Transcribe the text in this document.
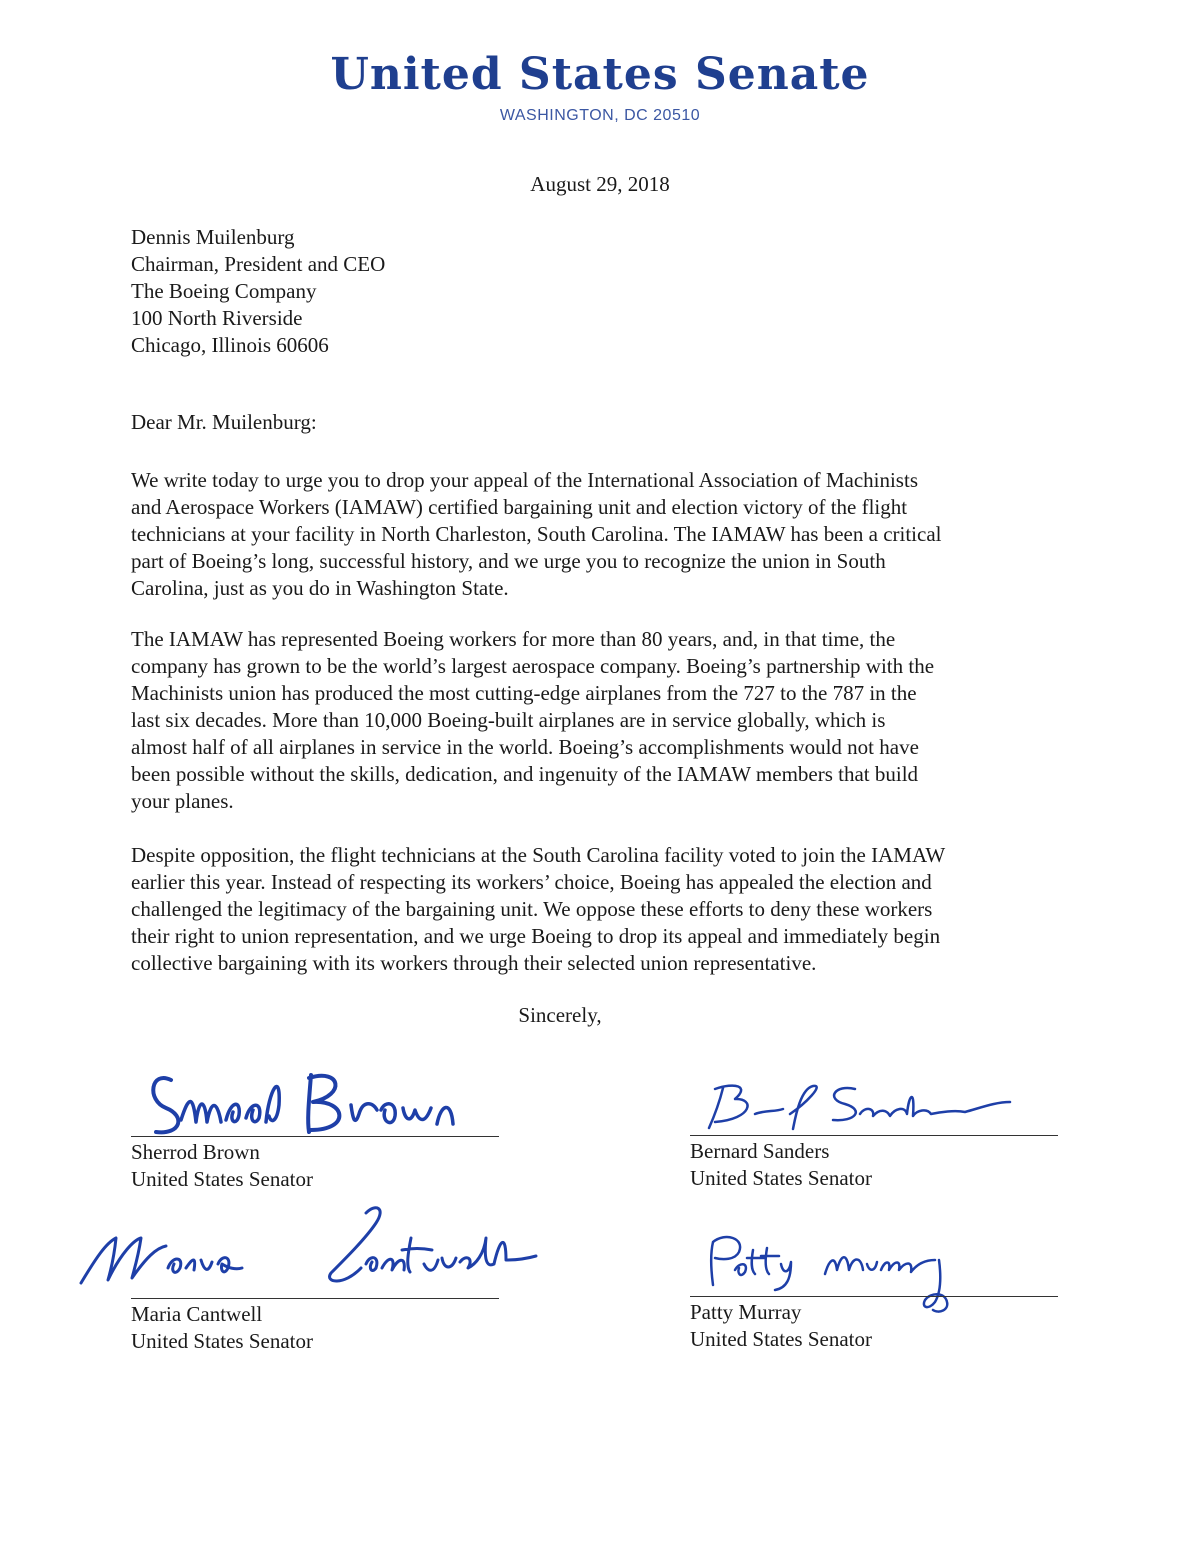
United States Senate

WASHINGTON, DC 20510

August 29, 2018

Dennis Muilenburg
Chairman, President and CEO
The Boeing Company
100 North Riverside
Chicago, Illinois 60606

Dear Mr. Muilenburg:

We write today to urge you to drop your appeal of the International Association of Machinists
and Aerospace Workers (IAMAW) certified bargaining unit and election victory of the flight
technicians at your facility in North Charleston, South Carolina. The IAMAW has been a critical
part of Boeing’s long, successful history, and we urge you to recognize the union in South
Carolina, just as you do in Washington State.

The IAMAW has represented Boeing workers for more than 80 years, and, in that time, the
company has grown to be the world’s largest aerospace company. Boeing’s partnership with the
Machinists union has produced the most cutting-edge airplanes from the 727 to the 787 in the
last six decades. More than 10,000 Boeing-built airplanes are in service globally, which is
almost half of all airplanes in service in the world. Boeing’s accomplishments would not have
been possible without the skills, dedication, and ingenuity of the IAMAW members that build
your planes.

Despite opposition, the flight technicians at the South Carolina facility voted to join the IAMAW
earlier this year. Instead of respecting its workers’ choice, Boeing has appealed the election and
challenged the legitimacy of the bargaining unit. We oppose these efforts to deny these workers
their right to union representation, and we urge Boeing to drop its appeal and immediately begin
collective bargaining with its workers through their selected union representative.

Sincerely,

Sherrod Brown

United States Senator

Bernard Sanders

United States Senator

Maria Cantwell

United States Senator

Patty Murray

United States Senator
